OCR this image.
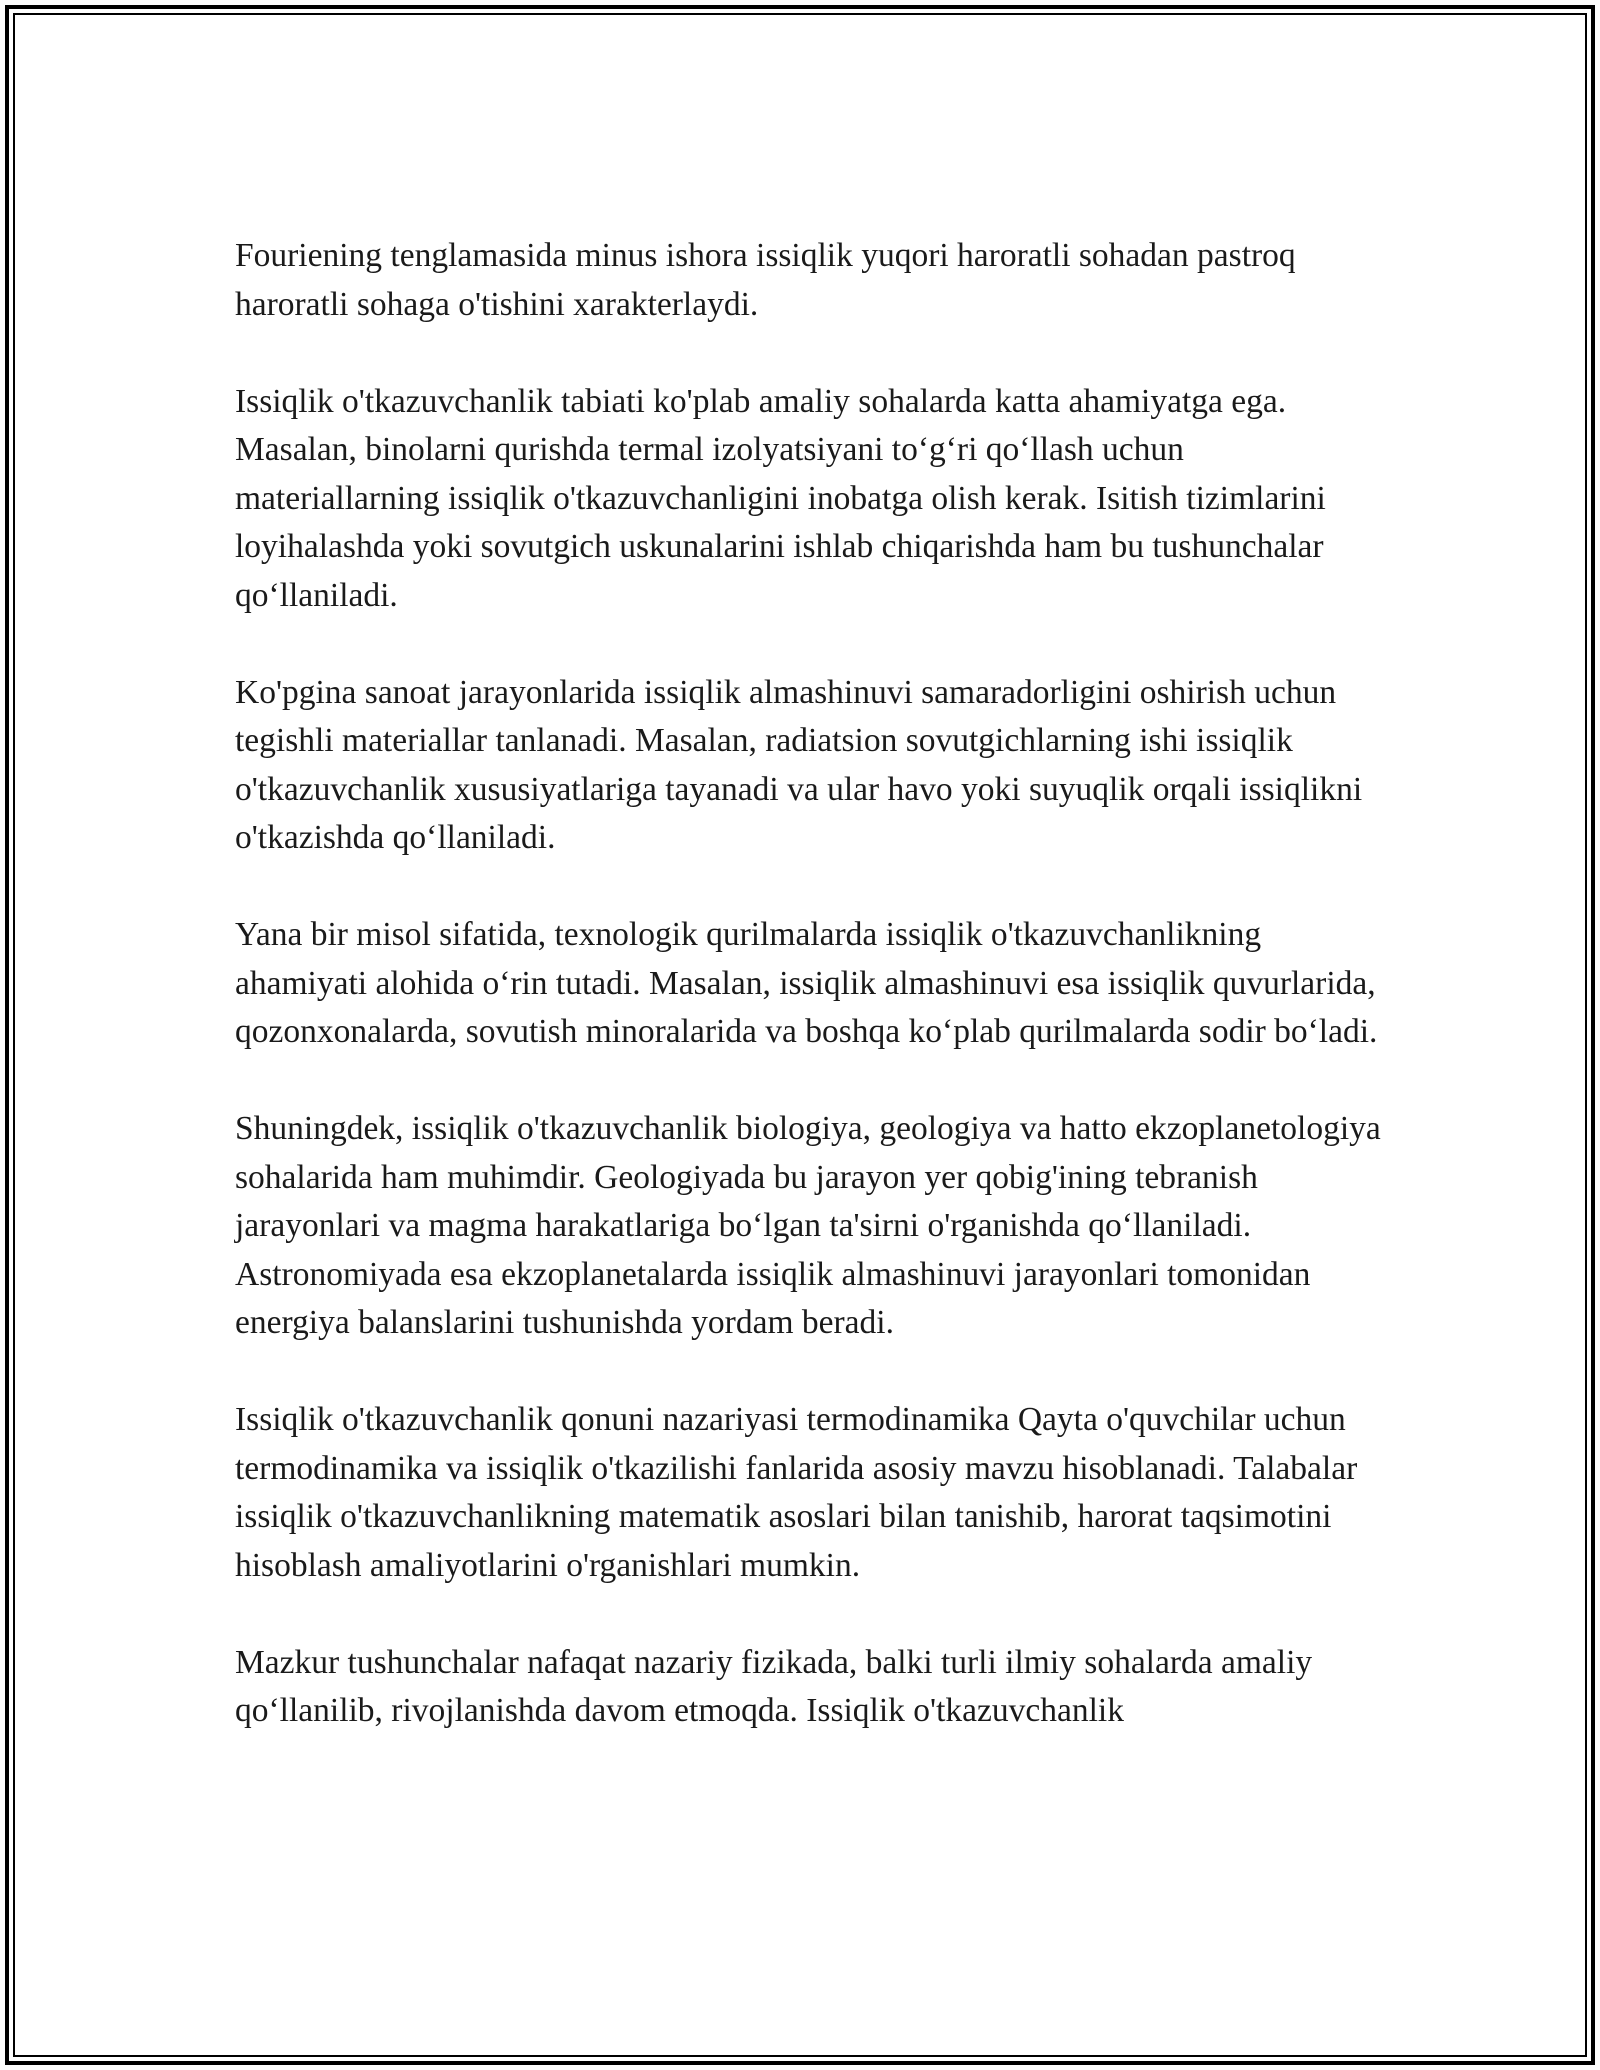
Fouriening tenglamasida minus ishora issiqlik yuqori haroratli sohadan pastroq haroratli sohaga o'tishini xarakterlaydi.

Issiqlik o'tkazuvchanlik tabiati ko'plab amaliy sohalarda katta ahamiyatga ega. Masalan, binolarni qurishda termal izolyatsiyani to‘g‘ri qo‘llash uchun materiallarning issiqlik o'tkazuvchanligini inobatga olish kerak. Isitish tizimlarini loyihalashda yoki sovutgich uskunalarini ishlab chiqarishda ham bu tushunchalar qo‘llaniladi.

Ko'pgina sanoat jarayonlarida issiqlik almashinuvi samaradorligini oshirish uchun tegishli materiallar tanlanadi. Masalan, radiatsion sovutgichlarning ishi issiqlik o'tkazuvchanlik xususiyatlariga tayanadi va ular havo yoki suyuqlik orqali issiqlikni o'tkazishda qo‘llaniladi.

Yana bir misol sifatida, texnologik qurilmalarda issiqlik o'tkazuvchanlikning ahamiyati alohida o‘rin tutadi. Masalan, issiqlik almashinuvi esa issiqlik quvurlarida, qozonxonalarda, sovutish minoralarida va boshqa ko‘plab qurilmalarda sodir bo‘ladi.

Shuningdek, issiqlik o'tkazuvchanlik biologiya, geologiya va hatto ekzoplanetologiya sohalarida ham muhimdir. Geologiyada bu jarayon yer qobig'ining tebranish jarayonlari va magma harakatlariga bo‘lgan ta'sirni o'rganishda qo‘llaniladi. Astronomiyada esa ekzoplanetalarda issiqlik almashinuvi jarayonlari tomonidan energiya balanslarini tushunishda yordam beradi.

Issiqlik o'tkazuvchanlik qonuni nazariyasi termodinamika Qayta o'quvchilar uchun termodinamika va issiqlik o'tkazilishi fanlarida asosiy mavzu hisoblanadi. Talabalar issiqlik o'tkazuvchanlikning matematik asoslari bilan tanishib, harorat taqsimotini hisoblash amaliyotlarini o'rganishlari mumkin.

Mazkur tushunchalar nafaqat nazariy fizikada, balki turli ilmiy sohalarda amaliy qo‘llanilib, rivojlanishda davom etmoqda. Issiqlik o'tkazuvchanlik
